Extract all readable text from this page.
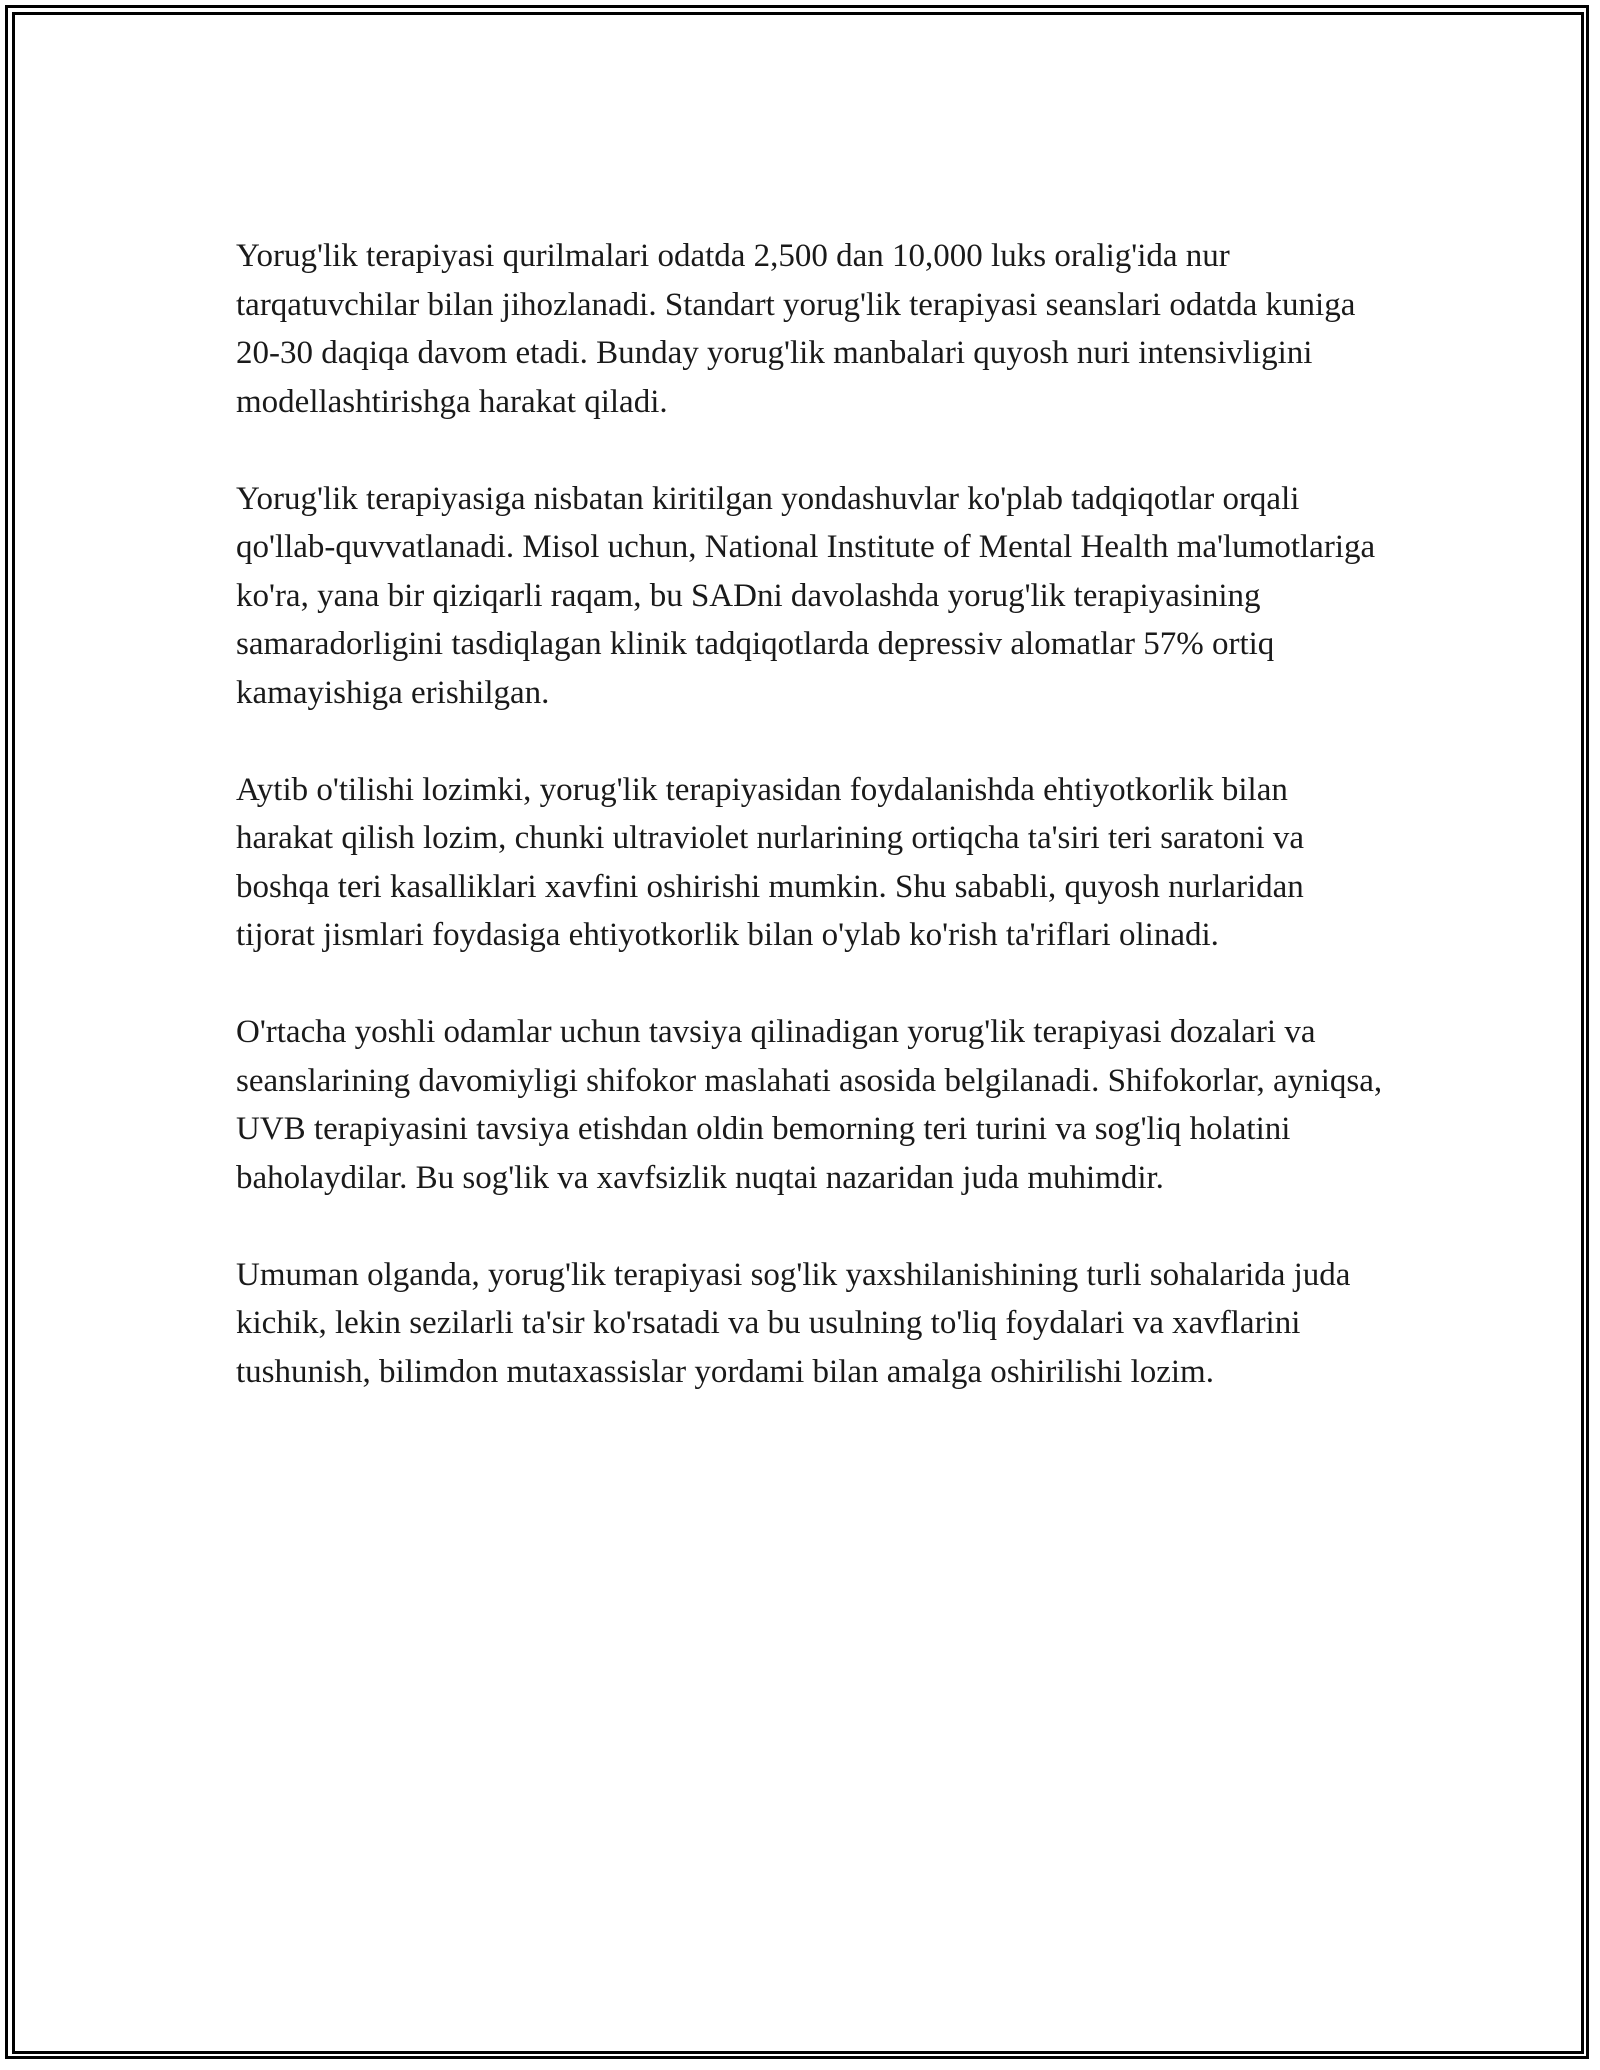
Yorug'lik terapiyasi qurilmalari odatda 2,500 dan 10,000 luks oralig'ida nur tarqatuvchilar bilan jihozlanadi. Standart yorug'lik terapiyasi seanslari odatda kuniga 20-30 daqiqa davom etadi. Bunday yorug'lik manbalari quyosh nuri intensivligini modellashtirishga harakat qiladi.

Yorug'lik terapiyasiga nisbatan kiritilgan yondashuvlar ko'plab tadqiqotlar orqali qo'llab-quvvatlanadi. Misol uchun, National Institute of Mental Health ma'lumotlariga ko'ra, yana bir qiziqarli raqam, bu SADni davolashda yorug'lik terapiyasining samaradorligini tasdiqlagan klinik tadqiqotlarda depressiv alomatlar 57% ortiq kamayishiga erishilgan.

Aytib o'tilishi lozimki, yorug'lik terapiyasidan foydalanishda ehtiyotkorlik bilan harakat qilish lozim, chunki ultraviolet nurlarining ortiqcha ta'siri teri saratoni va boshqa teri kasalliklari xavfini oshirishi mumkin. Shu sababli, quyosh nurlaridan tijorat jismlari foydasiga ehtiyotkorlik bilan o'ylab ko'rish ta'riflari olinadi.

O'rtacha yoshli odamlar uchun tavsiya qilinadigan yorug'lik terapiyasi dozalari va seanslarining davomiyligi shifokor maslahati asosida belgilanadi. Shifokorlar, ayniqsa, UVB terapiyasini tavsiya etishdan oldin bemorning teri turini va sog'liq holatini baholaydilar. Bu sog'lik va xavfsizlik nuqtai nazaridan juda muhimdir.

Umuman olganda, yorug'lik terapiyasi sog'lik yaxshilanishining turli sohalarida juda kichik, lekin sezilarli ta'sir ko'rsatadi va bu usulning to'liq foydalari va xavflarini tushunish, bilimdon mutaxassislar yordami bilan amalga oshirilishi lozim.
